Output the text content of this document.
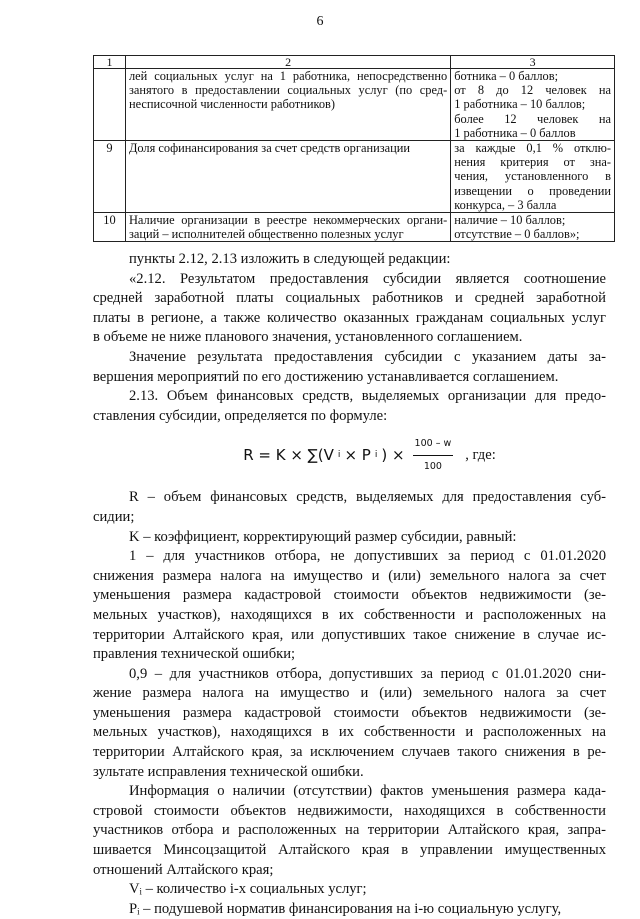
6
1	2	3

	лей социальных услуг на 1 работника, непосредственно
занятого в предоставлении социальных услуг (по сред-
несписочной численности работников)	ботника – 0 баллов;
от 8 до 12 человек на
1 работника – 10 баллов;
более 12 человек на
1 работника – 0 баллов

9	Доля софинансирования за счет средств организации	за каждые 0,1 % отклю-
нения критерия от зна-
чения, установленного в
извещении о проведении
конкурса, – 3 балла

10	Наличие организации в реестре некоммерческих органи-
заций – исполнителей общественно полезных услуг	наличие – 10 баллов;
отсутствие – 0 баллов»;

пункты 2.12, 2.13 изложить в следующей редакции:

«2.12. Результатом предоставления субсидии является соотношение
средней заработной платы социальных работников и средней заработной
платы в регионе, а также количество оказанных гражданам социальных услуг
в объеме не ниже планового значения, установленного соглашением.

Значение результата предоставления субсидии с указанием даты за-
вершения мероприятий по его достижению устанавливается соглашением.

2.13. Объем финансовых средств, выделяемых организации для предо-
ставления субсидии, определяется по формуле:

R = K × ∑(V i × P i ) × $\frac{100 - w}{100}$ , где:

R – объем финансовых средств, выделяемых для предоставления суб-
сидии;

K – коэффициент, корректирующий размер субсидии, равный:

1 – для участников отбора, не допустивших за период с 01.01.2020
снижения размера налога на имущество и (или) земельного налога за счет
уменьшения размера кадастровой стоимости объектов недвижимости (зе-
мельных участков), находящихся в их собственности и расположенных на
территории Алтайского края, или допустивших такое снижение в случае ис-
правления технической ошибки;

0,9 – для участников отбора, допустивших за период с 01.01.2020 сни-
жение размера налога на имущество и (или) земельного налога за счет
уменьшения размера кадастровой стоимости объектов недвижимости (зе-
мельных участков), находящихся в их собственности и расположенных на
территории Алтайского края, за исключением случаев такого снижения в ре-
зультате исправления технической ошибки.

Информация о наличии (отсутствии) фактов уменьшения размера када-
стровой стоимости объектов недвижимости, находящихся в собственности
участников отбора и расположенных на территории Алтайского края, запра-
шивается Минсоцзащитой Алтайского края в управлении имущественных
отношений Алтайского края;

Vᵢ – количество i-х социальных услуг;

Pᵢ – подушевой норматив финансирования на i-ю социальную услугу,
